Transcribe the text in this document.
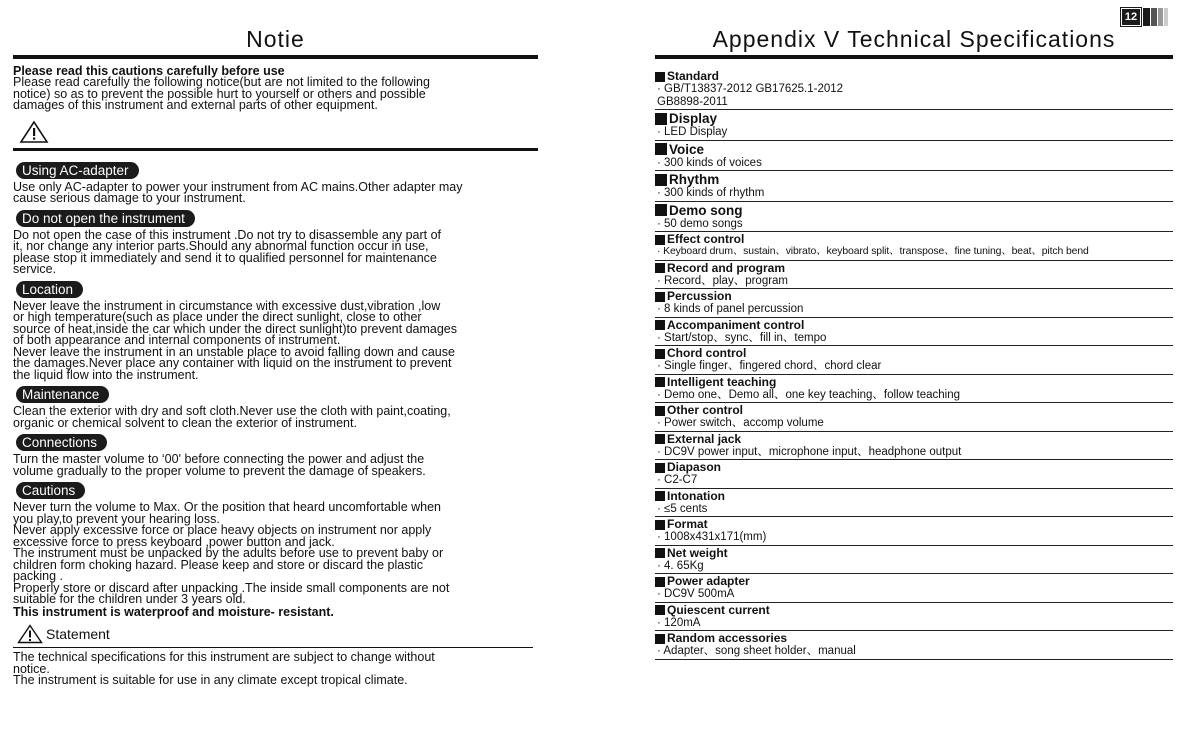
Notie
Please read this cautions carefully before use
Please read carefully the following notice(but are not limited to the following
notice) so as to prevent the possible hurt to yourself or others and possible
damages of this instrument and external parts of other equipment.
Using AC-adapter
Use only AC-adapter to power your instrument from AC mains.Other adapter may
cause serious damage to your instrument.
Do not open the instrument
Do not open the case of this instrument .Do not try to disassemble any part of
it, nor change any interior parts.Should any abnormal function occur in use,
please stop it immediately and send it to qualified personnel for maintenance
service.
Location
Never leave the instrument in circumstance with excessive dust,vibration ,low
or high temperature(such as place under the direct sunlight, close to other
source of heat,inside the car which under the direct sunlight)to prevent damages
of both appearance and internal components of instrument.
Never leave the instrument in an unstable place to avoid falling down and cause
the damages.Never place any container with liquid on the instrument to prevent
the liquid flow into the instrument.
Maintenance
Clean the exterior with dry and soft cloth.Never use the cloth with paint,coating,
organic or chemical solvent to clean the exterior of instrument.
Connections
Turn the master volume to ‘00' before connecting the power and adjust the
volume gradually to the proper volume to prevent the damage of speakers.
Cautions
Never turn the volume to Max. Or the position that heard uncomfortable when
you play,to prevent your hearing loss.
Never apply excessive force or place heavy objects on instrument nor apply
excessive force to press keyboard ,power button and jack.
The instrument must be unpacked by the adults before use to prevent baby or
children form choking hazard. Please keep and store or discard the plastic
packing .
Properly store or discard after unpacking .The inside small components are not
suitable for the children under 3 years old.
This instrument is waterproof and moisture- resistant.
Statement
The technical specifications for this instrument are subject to change without
notice.
The instrument is suitable for use in any climate except tropical climate.
12
Appendix V Technical Specifications
Standard
· GB/T13837-2012 GB17625.1-2012
GB8898-2011
Display
· LED Display
Voice
· 300 kinds of voices
Rhythm
· 300 kinds of rhythm
Demo song
· 50 demo songs
Effect control
· Keyboard drum、sustain、vibrato、keyboard split、transpose、fine tuning、beat、pitch bend
Record and program
· Record、play、program
Percussion
· 8 kinds of panel percussion
Accompaniment control
· Start/stop、sync、fill in、tempo
Chord control
· Single finger、fingered chord、chord clear
Intelligent teaching
· Demo one、Demo all、one key teaching、follow teaching
Other control
· Power switch、accomp volume
External jack
· DC9V power input、microphone input、headphone output
Diapason
· C2-C7
Intonation
· ≤5 cents
Format
· 1008x431x171(mm)
Net weight
· 4. 65Kg
Power adapter
· DC9V 500mA
Quiescent current
· 120mA
Random accessories
· Adapter、song sheet holder、manual
